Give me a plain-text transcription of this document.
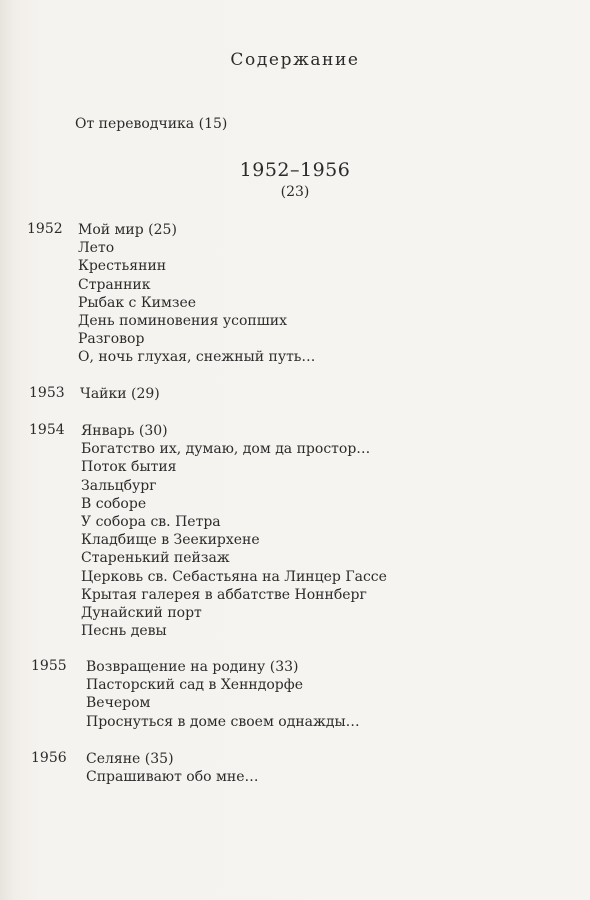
Содержание
От переводчика (15)
1952–1956
(23)
1952 Мой мир (25)
Лето
Крестьянин
Странник
Рыбак с Кимзее
День поминовения усопших
Разговор
О, ночь глухая, снежный путь…
1953 Чайки (29)
1954 Январь (30)
Богатство их, думаю, дом да простор…
Поток бытия
Зальцбург
В соборе
У собора св. Петра
Кладбище в Зеекирхене
Старенький пейзаж
Церковь св. Себастьяна на Линцер Гассе
Крытая галерея в аббатстве Ноннберг
Дунайский порт
Песнь девы
1955 Возвращение на родину (33)
Пасторский сад в Хенндорфе
Вечером
Проснуться в доме своем однажды…
1956 Селяне (35)
Спрашивают обо мне…
